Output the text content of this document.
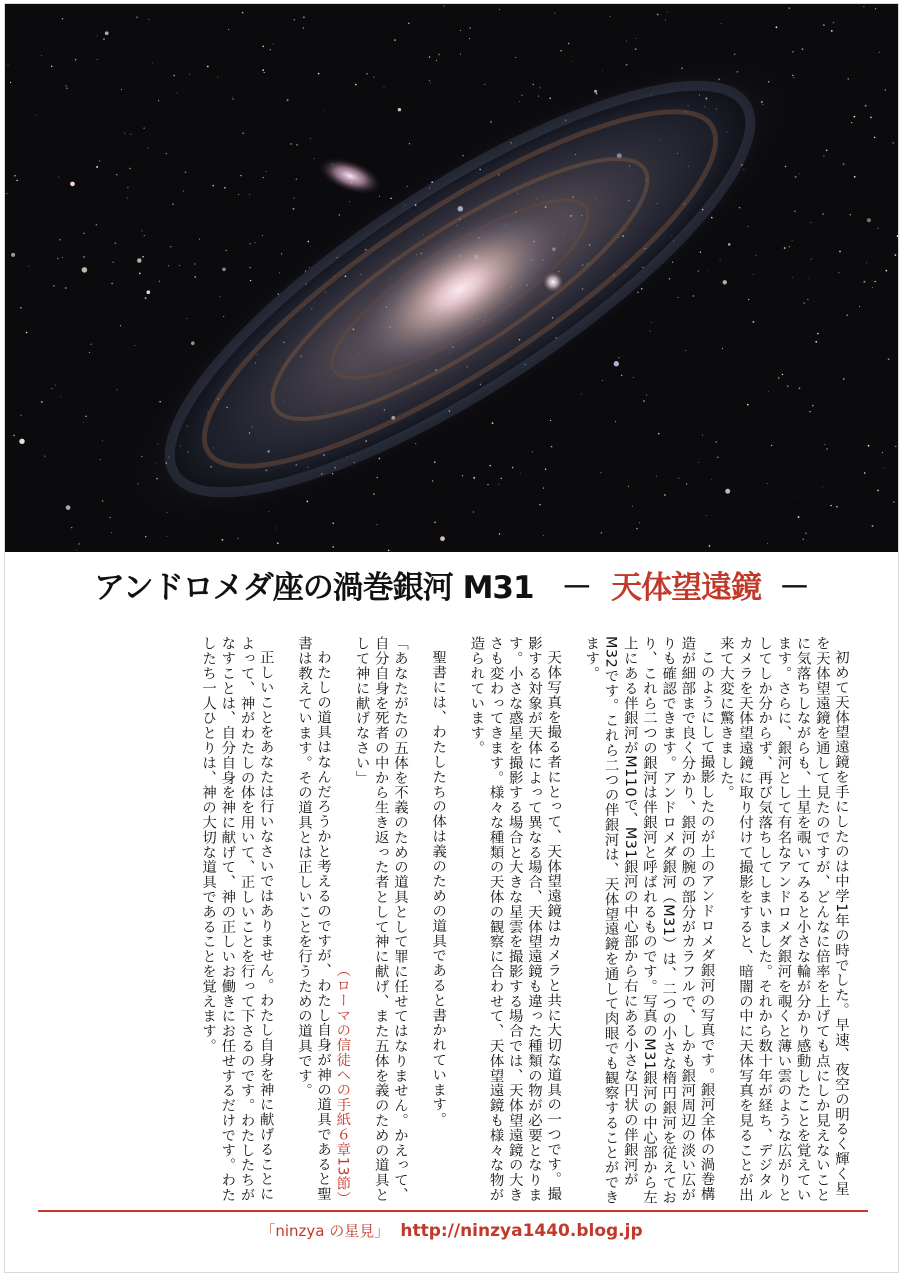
アンドロメダ座の渦巻銀河 M31 － 天体望遠鏡 －

初めて天体望遠鏡を手にしたのは中学1年の時でした。早速、夜空の明るく輝く星を天体望遠鏡を通して見たのですが、どんなに倍率を上げても点にしか見えないことに気落ちしながらも、土星を覗いてみると小さな輪が分かり感動したことを覚えています。さらに、銀河として有名なアンドロメダ銀河を覗くと薄い雲のような広がりとしてしか分からず、再び気落ちしてしまいました。それから数十年が経ち、デジタルカメラを天体望遠鏡に取り付けて撮影をすると、暗闇の中に天体写真を見ることが出来て大変に驚きました。

このようにして撮影したのが上のアンドロメダ銀河の写真です。銀河全体の渦巻構造が細部まで良く分かり、銀河の腕の部分がカラフルで、しかも銀河周辺の淡い広がりも確認できます。アンドロメダ銀河（M31）は、二つの小さな楕円銀河を従えており、これら二つの銀河は伴銀河と呼ばれるものです。写真のM31銀河の中心部から左上にある伴銀河がM110で、M31銀河の中心部から右にある小さな円状の伴銀河がM32です。これら二つの伴銀河は、天体望遠鏡を通して肉眼でも観察することができます。

天体写真を撮る者にとって、天体望遠鏡はカメラと共に大切な道具の一つです。撮影する対象が天体によって異なる場合、天体望遠鏡も違った種類の物が必要となります。小さな惑星を撮影する場合と大きな星雲を撮影する場合では、天体望遠鏡の大きさも変わってきます。様々な種類の天体の観察に合わせて、天体望遠鏡も様々な物が造られています。

聖書には、わたしたちの体は義のための道具であると書かれています。

「あなたがたの五体を不義のための道具として罪に任せてはなりません。かえって、自分自身を死者の中から生き返った者として神に献げ、また五体を義のための道具として神に献げなさい」

（ローマの信徒への手紙６章13節）

わたしの道具はなんだろうかと考えるのですが、わたし自身が神の道具であると聖書は教えています。その道具とは正しいことを行うための道具です。

正しいことをあなたは行いなさいではありません。わたし自身を神に献げることによって、神がわたしの体を用いて、正しいことを行って下さるのです。わたしたちがなすことは、自分自身を神に献げて、神の正しいお働きにお任せするだけです。わたしたち一人ひとりは、神の大切な道具であることを覚えます。

「ninzya の星見」 http://ninzya1440.blog.jp
